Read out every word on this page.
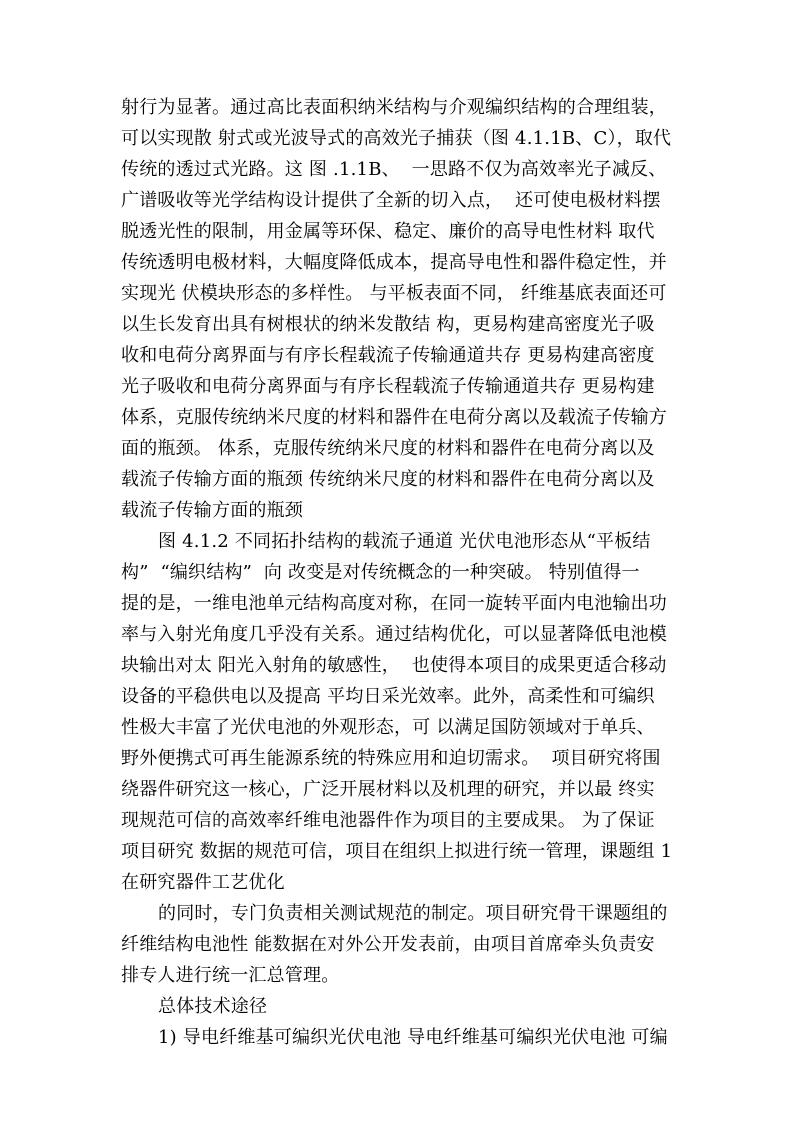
射行为显著。通过高比表面积纳米结构与介观编织结构的合理组装，
可以实现散 射式或光波导式的高效光子捕获（图 4.1.1B、C），取代
传统的透过式光路。这 图 .1.1B、  一思路不仅为高效率光子减反、
广谱吸收等光学结构设计提供了全新的切入点，  还可使电极材料摆
脱透光性的限制，用金属等环保、稳定、廉价的高导电性材料 取代
传统透明电极材料，大幅度降低成本，提高导电性和器件稳定性，并
实现光 伏模块形态的多样性。 与平板表面不同， 纤维基底表面还可
以生长发育出具有树根状的纳米发散结 构，更易构建高密度光子吸
收和电荷分离界面与有序长程载流子传输通道共存 更易构建高密度
光子吸收和电荷分离界面与有序长程载流子传输通道共存 更易构建
体系，克服传统纳米尺度的材料和器件在电荷分离以及载流子传输方
面的瓶颈。 体系，克服传统纳米尺度的材料和器件在电荷分离以及
载流子传输方面的瓶颈 传统纳米尺度的材料和器件在电荷分离以及
载流子传输方面的瓶颈
图 4.1.2 不同拓扑结构的载流子通道 光伏电池形态从“平板结
构”  “编织结构”  向 改变是对传统概念的一种突破。 特别值得一
提的是，一维电池单元结构高度对称，在同一旋转平面内电池输出功
率与入射光角度几乎没有关系。通过结构优化，可以显著降低电池模
块输出对太 阳光入射角的敏感性，  也使得本项目的成果更适合移动
设备的平稳供电以及提高 平均日采光效率。此外，高柔性和可编织
性极大丰富了光伏电池的外观形态，可 以满足国防领域对于单兵、
野外便携式可再生能源系统的特殊应用和迫切需求。  项目研究将围
绕器件研究这一核心，广泛开展材料以及机理的研究，并以最 终实
现规范可信的高效率纤维电池器件作为项目的主要成果。 为了保证
项目研究 数据的规范可信，项目在组织上拟进行统一管理，课题组 1
在研究器件工艺优化
的同时，专门负责相关测试规范的制定。项目研究骨干课题组的
纤维结构电池性 能数据在对外公开发表前，由项目首席牵头负责安
排专人进行统一汇总管理。
总体技术途径
1) 导电纤维基可编织光伏电池 导电纤维基可编织光伏电池 可编
